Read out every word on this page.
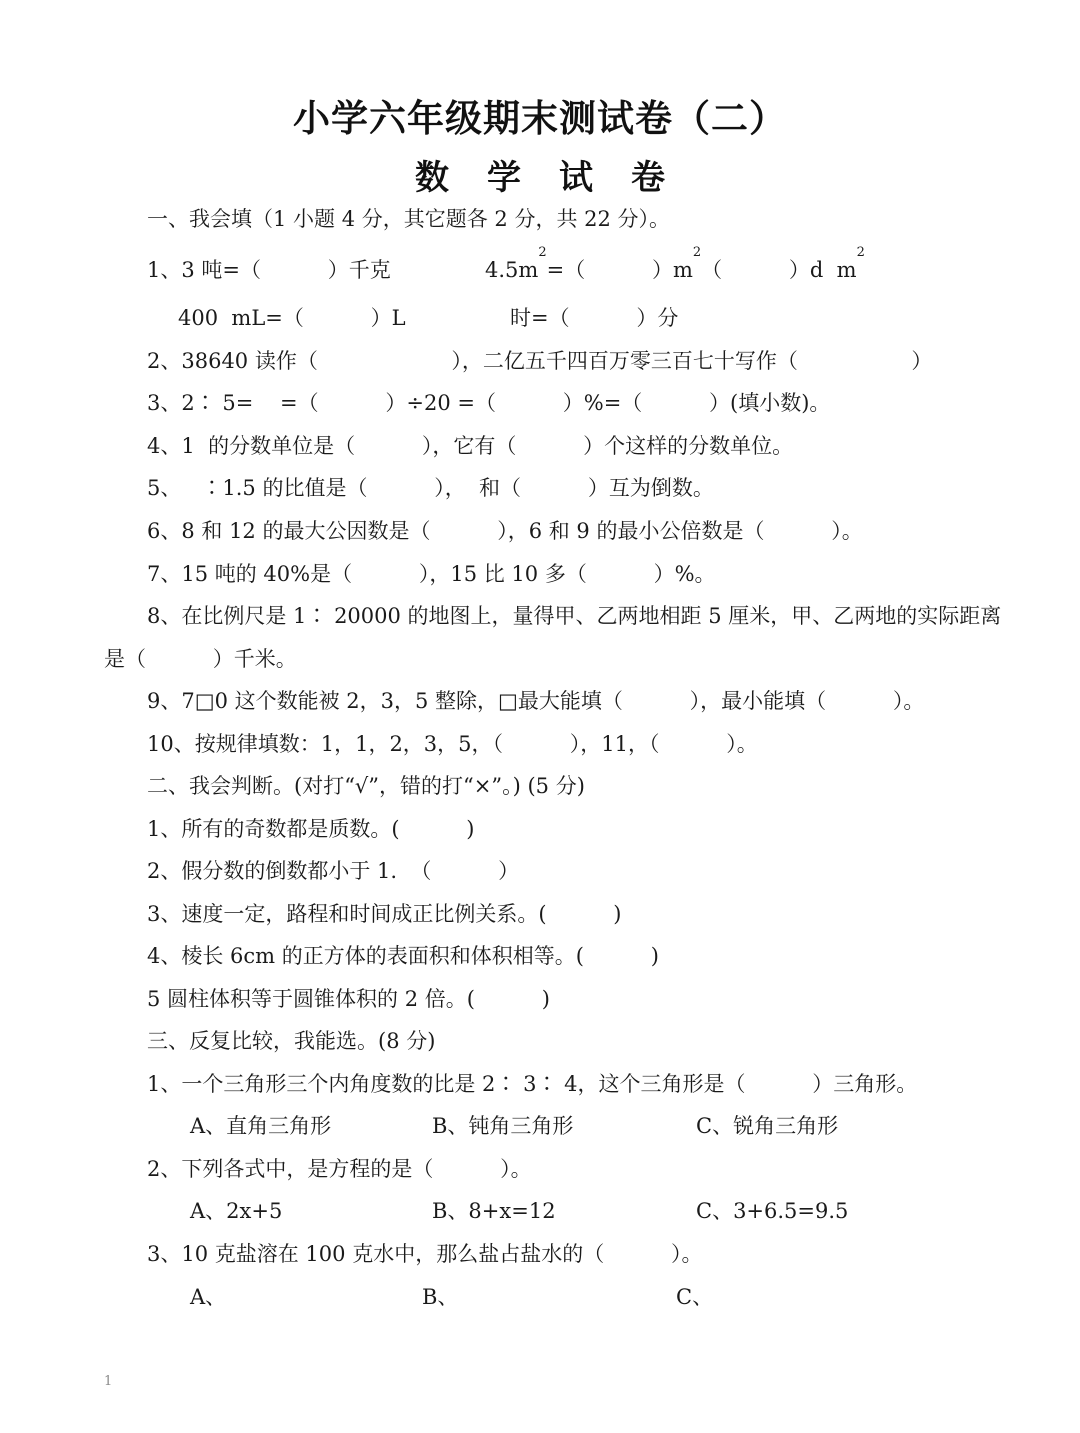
小学六年级期末测试卷（二）
数学试卷
一、我会填（1 小题 4 分，其它题各 2 分，共 22 分）。
1、3 吨=（          ）千克	$4.5m^2=$（          ）$m^2$（          ）d  $m^2$
400  mL=（          ）L	时=（          ）分
2、38640 读作（                    ），二亿五千四百万零三百七十写作（                 ）
3、2∶ 5=    =（          ）÷20 =（          ）%=（          ）(填小数)。
4、1  的分数单位是（          ），它有（          ）个这样的分数单位。
5、   ∶1.5 的比值是（          ），  和（          ）互为倒数。
6、8 和 12 的最大公因数是（          ），6 和 9 的最小公倍数是（          ）。
7、15 吨的 40%是（          ），15 比 10 多（          ）%。
8、在比例尺是 1∶ 20000 的地图上，量得甲、乙两地相距 5 厘米，甲、乙两地的实际距离
是（          ）千米。
9、7□0 这个数能被 2，3，5 整除，□最大能填（          ），最小能填（          ）。
10、按规律填数：1，1，2，3，5，（          ），11，（          ）。
二、我会判断。(对打“√”，错的打“×”。) (5 分)
1、所有的奇数都是质数。(          )
2、假分数的倒数都小于 1.  （          ）
3、速度一定，路程和时间成正比例关系。(          )
4、棱长 6cm 的正方体的表面积和体积相等。(          )
5 圆柱体积等于圆锥体积的 2 倍。(          )
三、反复比较，我能选。(8 分)
1、一个三角形三个内角度数的比是 2∶ 3∶ 4，这个三角形是（          ）三角形。
A、直角三角形	B、钝角三角形	C、锐角三角形
2、下列各式中，是方程的是（          ）。
A、2x+5	B、8+x=12	C、3+6.5=9.5
3、10 克盐溶在 100 克水中，那么盐占盐水的（          ）。
A、	B、	C、
1
